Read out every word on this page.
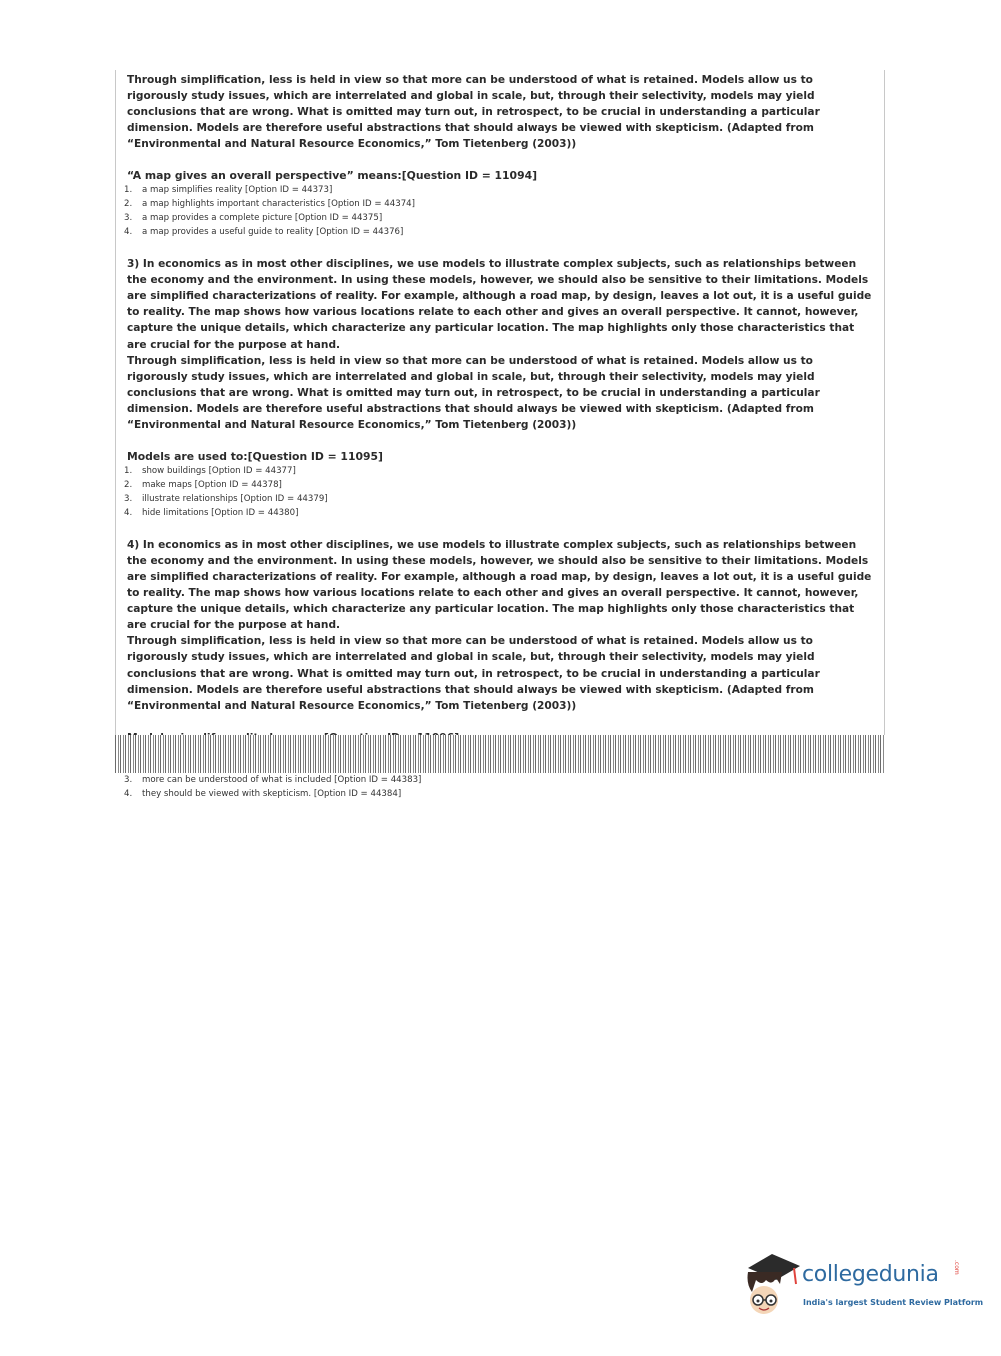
Through simplification, less is held in view so that more can be understood of what is retained. Models allow us to rigorously study issues, which are interrelated and global in scale, but, through their selectivity, models may yield conclusions that are wrong. What is omitted may turn out, in retrospect, to be crucial in understanding a particular dimension. Models are therefore useful abstractions that should always be viewed with skepticism. (Adapted from “Environmental and Natural Resource Economics,” Tom Tietenberg (2003))

“A map gives an overall perspective” means:[Question ID = 11094]

1. a map simplifies reality [Option ID = 44373]
2. a map highlights important characteristics [Option ID = 44374]
3. a map provides a complete picture [Option ID = 44375]
4. a map provides a useful guide to reality [Option ID = 44376]

3) In economics as in most other disciplines, we use models to illustrate complex subjects, such as relationships between the economy and the environment. In using these models, however, we should also be sensitive to their limitations. Models are simplified characterizations of reality. For example, although a road map, by design, leaves a lot out, it is a useful guide to reality. The map shows how various locations relate to each other and gives an overall perspective. It cannot, however, capture the unique details, which characterize any particular location. The map highlights only those characteristics that are crucial for the purpose at hand.

Through simplification, less is held in view so that more can be understood of what is retained. Models allow us to rigorously study issues, which are interrelated and global in scale, but, through their selectivity, models may yield conclusions that are wrong. What is omitted may turn out, in retrospect, to be crucial in understanding a particular dimension. Models are therefore useful abstractions that should always be viewed with skepticism. (Adapted from “Environmental and Natural Resource Economics,” Tom Tietenberg (2003))

Models are used to:[Question ID = 11095]

1. show buildings [Option ID = 44377]
2. make maps [Option ID = 44378]
3. illustrate relationships [Option ID = 44379]
4. hide limitations [Option ID = 44380]

4) In economics as in most other disciplines, we use models to illustrate complex subjects, such as relationships between the economy and the environment. In using these models, however, we should also be sensitive to their limitations. Models are simplified characterizations of reality. For example, although a road map, by design, leaves a lot out, it is a useful guide to reality. The map shows how various locations relate to each other and gives an overall perspective. It cannot, however, capture the unique details, which characterize any particular location. The map highlights only those characteristics that are crucial for the purpose at hand.

Through simplification, less is held in view so that more can be understood of what is retained. Models allow us to rigorously study issues, which are interrelated and global in scale, but, through their selectivity, models may yield conclusions that are wrong. What is omitted may turn out, in retrospect, to be crucial in understanding a particular dimension. Models are therefore useful abstractions that should always be viewed with skepticism. (Adapted from “Environmental and Natural Resource Economics,” Tom Tietenberg (2003))

3. more can be understood of what is included [Option ID = 44383]
4. they should be viewed with skepticism. [Option ID = 44384]
collegedunia .com
India's largest Student Review Platform
